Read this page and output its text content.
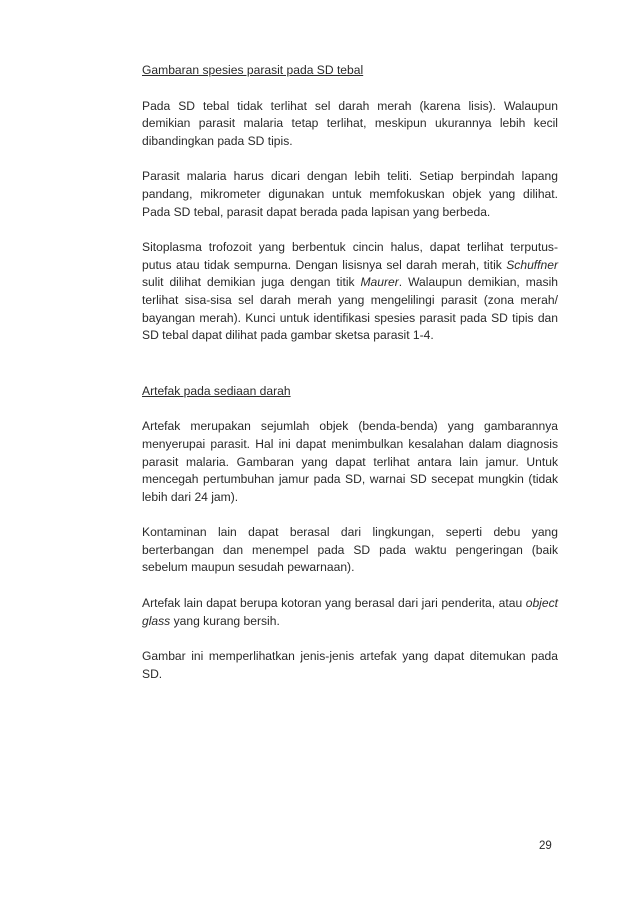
Gambaran spesies parasit pada SD tebal

Pada SD tebal tidak terlihat sel darah merah (karena lisis). Walaupun demikian parasit malaria tetap terlihat, meskipun ukurannya lebih kecil dibandingkan pada SD tipis.

Parasit malaria harus dicari dengan lebih teliti. Setiap berpindah lapang pandang, mikrometer digunakan untuk memfokuskan objek yang dilihat. Pada SD tebal, parasit dapat berada pada lapisan yang berbeda.

Sitoplasma trofozoit yang berbentuk cincin halus, dapat terlihat terputus-putus atau tidak sempurna. Dengan lisisnya sel darah merah, titik Schuffner sulit dilihat demikian juga dengan titik Maurer. Walaupun demikian, masih terlihat sisa-sisa sel darah merah yang mengelilingi parasit (zona merah/ bayangan merah). Kunci untuk identifikasi spesies parasit pada SD tipis dan SD tebal dapat dilihat pada gambar sketsa parasit 1-4.

Artefak pada sediaan darah

Artefak merupakan sejumlah objek (benda-benda) yang gambarannya menyerupai parasit. Hal ini dapat menimbulkan kesalahan dalam diagnosis parasit malaria. Gambaran yang dapat terlihat antara lain jamur. Untuk mencegah pertumbuhan jamur pada SD, warnai SD secepat mungkin (tidak lebih dari 24 jam).

Kontaminan lain dapat berasal dari lingkungan, seperti debu yang berterbangan dan menempel pada SD pada waktu pengeringan (baik sebelum maupun sesudah pewarnaan).

Artefak lain dapat berupa kotoran yang berasal dari jari penderita, atau object glass yang kurang bersih.

Gambar ini memperlihatkan jenis-jenis artefak yang dapat ditemukan pada SD.

29
